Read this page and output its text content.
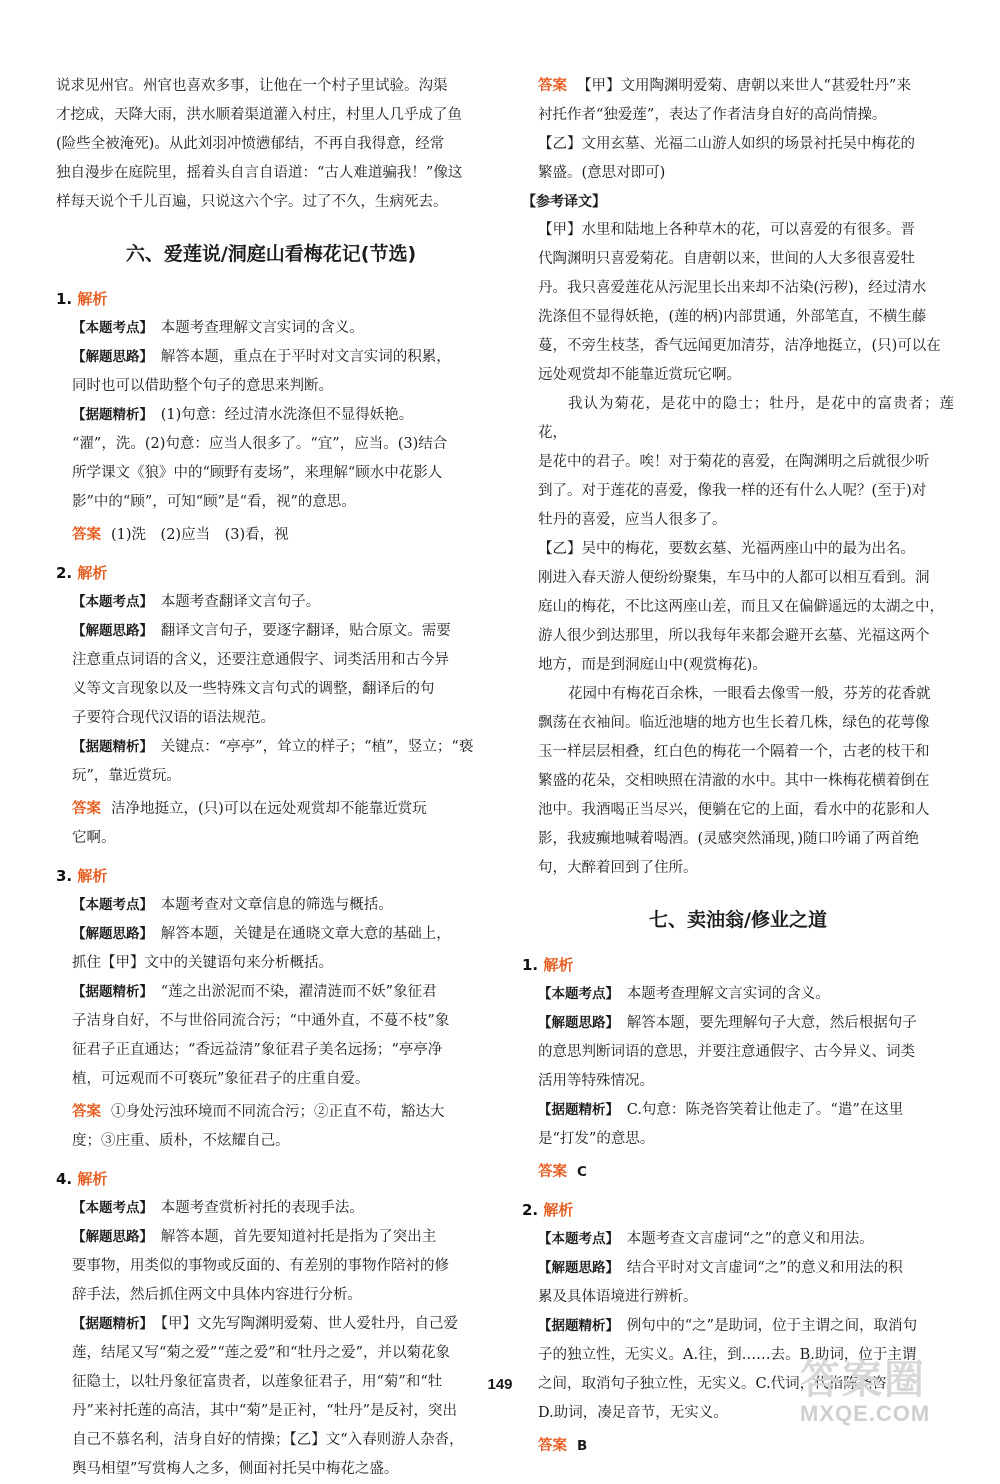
说求见州官。州官也喜欢多事，让他在一个村子里试验。沟渠

才挖成，天降大雨，洪水顺着渠道灌入村庄，村里人几乎成了鱼

(险些全被淹死)。从此刘羽冲愤懑郁结，不再自我得意，经常

独自漫步在庭院里，摇着头自言自语道：“古人难道骗我！”像这

样每天说个千儿百遍，只说这六个字。过了不久，生病死去。

六、爱莲说/洞庭山看梅花记(节选)
1. 解析

【本题考点】　 本题考查理解文言实词的含义。

【解题思路】　 解答本题，重点在于平时对文言实词的积累，

同时也可以借助整个句子的意思来判断。

【据题精析】　 (1)句意：经过清水洗涤但不显得妖艳。

“濯”，洗。(2)句意：应当人很多了。“宜”，应当。(3)结合

所学课文《狼》中的“顾野有麦场”，来理解“顾水中花影人

影”中的“顾”，可知“顾”是“看，视”的意思。

答案 (1)洗　(2)应当　(3)看，视

2. 解析

【本题考点】　 本题考查翻译文言句子。

【解题思路】　 翻译文言句子，要逐字翻译，贴合原文。需要

注意重点词语的含义，还要注意通假字、词类活用和古今异

义等文言现象以及一些特殊文言句式的调整，翻译后的句

子要符合现代汉语的语法规范。

【据题精析】　 关键点：“亭亭”，耸立的样子；“植”，竖立；“亵

玩”，靠近赏玩。

答案 洁净地挺立，(只)可以在远处观赏却不能靠近赏玩

它啊。

3. 解析

【本题考点】　 本题考查对文章信息的筛选与概括。

【解题思路】　 解答本题，关键是在通晓文章大意的基础上，

抓住【甲】文中的关键语句来分析概括。

【据题精析】　 “莲之出淤泥而不染，濯清涟而不妖”象征君

子洁身自好，不与世俗同流合污；“中通外直，不蔓不枝”象

征君子正直通达；“香远益清”象征君子美名远扬；“亭亭净

植，可远观而不可亵玩”象征君子的庄重自爱。

答案 ①身处污浊环境而不同流合污；②正直不苟，豁达大

度；③庄重、质朴，不炫耀自己。

4. 解析

【本题考点】　 本题考查赏析衬托的表现手法。

【解题思路】　 解答本题，首先要知道衬托是指为了突出主

要事物，用类似的事物或反面的、有差别的事物作陪衬的修

辞手法，然后抓住两文中具体内容进行分析。

【据题精析】　 【甲】文先写陶渊明爱菊、世人爱牡丹，自己爱

莲，结尾又写“菊之爱”“莲之爱”和“牡丹之爱”，并以菊花象

征隐士，以牡丹象征富贵者，以莲象征君子，用“菊”和“牡

丹”来衬托莲的高洁，其中“菊”是正衬，“牡丹”是反衬，突出

自己不慕名利，洁身自好的情操；【乙】文“入春则游人杂沓，

舆马相望”写赏梅人之多，侧面衬托吴中梅花之盛。

答案 【甲】文用陶渊明爱菊、唐朝以来世人“甚爱牡丹”来

衬托作者“独爱莲”，表达了作者洁身自好的高尚情操。

【乙】文用玄墓、光福二山游人如织的场景衬托吴中梅花的

繁盛。(意思对即可)

【参考译文】

【甲】水里和陆地上各种草木的花，可以喜爱的有很多。晋

代陶渊明只喜爱菊花。自唐朝以来，世间的人大多很喜爱牡

丹。我只喜爱莲花从污泥里长出来却不沾染(污秽)，经过清水

洗涤但不显得妖艳，(莲的柄)内部贯通，外部笔直，不横生藤

蔓，不旁生枝茎，香气远闻更加清芬，洁净地挺立，(只)可以在

远处观赏却不能靠近赏玩它啊。

我认为菊花，是花中的隐士；牡丹，是花中的富贵者；莲花，

是花中的君子。唉！对于菊花的喜爱，在陶渊明之后就很少听

到了。对于莲花的喜爱，像我一样的还有什么人呢？(至于)对

牡丹的喜爱，应当人很多了。

【乙】吴中的梅花，要数玄墓、光福两座山中的最为出名。

刚进入春天游人便纷纷聚集，车马中的人都可以相互看到。洞

庭山的梅花，不比这两座山差，而且又在偏僻遥远的太湖之中，

游人很少到达那里，所以我每年来都会避开玄墓、光福这两个

地方，而是到洞庭山中(观赏梅花)。

花园中有梅花百余株，一眼看去像雪一般，芬芳的花香就

飘荡在衣袖间。临近池塘的地方也生长着几株，绿色的花萼像

玉一样层层相叠，红白色的梅花一个隔着一个，古老的枝干和

繁盛的花朵，交相映照在清澈的水中。其中一株梅花横着倒在

池中。我酒喝正当尽兴，便躺在它的上面，看水中的花影和人

影，我疲癫地喊着喝酒。(灵感突然涌现，)随口吟诵了两首绝

句，大醉着回到了住所。

七、卖油翁/修业之道
1. 解析

【本题考点】　 本题考查理解文言实词的含义。

【解题思路】　 解答本题，要先理解句子大意，然后根据句子

的意思判断词语的意思，并要注意通假字、古今异义、词类

活用等特殊情况。

【据题精析】　 C.句意：陈尧咨笑着让他走了。“遣”在这里

是“打发”的意思。

答案 C

2. 解析

【本题考点】　 本题考查文言虚词“之”的意义和用法。

【解题思路】　 结合平时对文言虚词“之”的意义和用法的积

累及具体语境进行辨析。

【据题精析】　 例句中的“之”是助词，位于主谓之间，取消句

子的独立性，无实义。A.往，到……去。B.助词，位于主谓

之间，取消句子独立性，无实义。C.代词，代指陈尧咨。

D.助词，凑足音节，无实义。

答案 B

149	答案圈
MXQE.COM
